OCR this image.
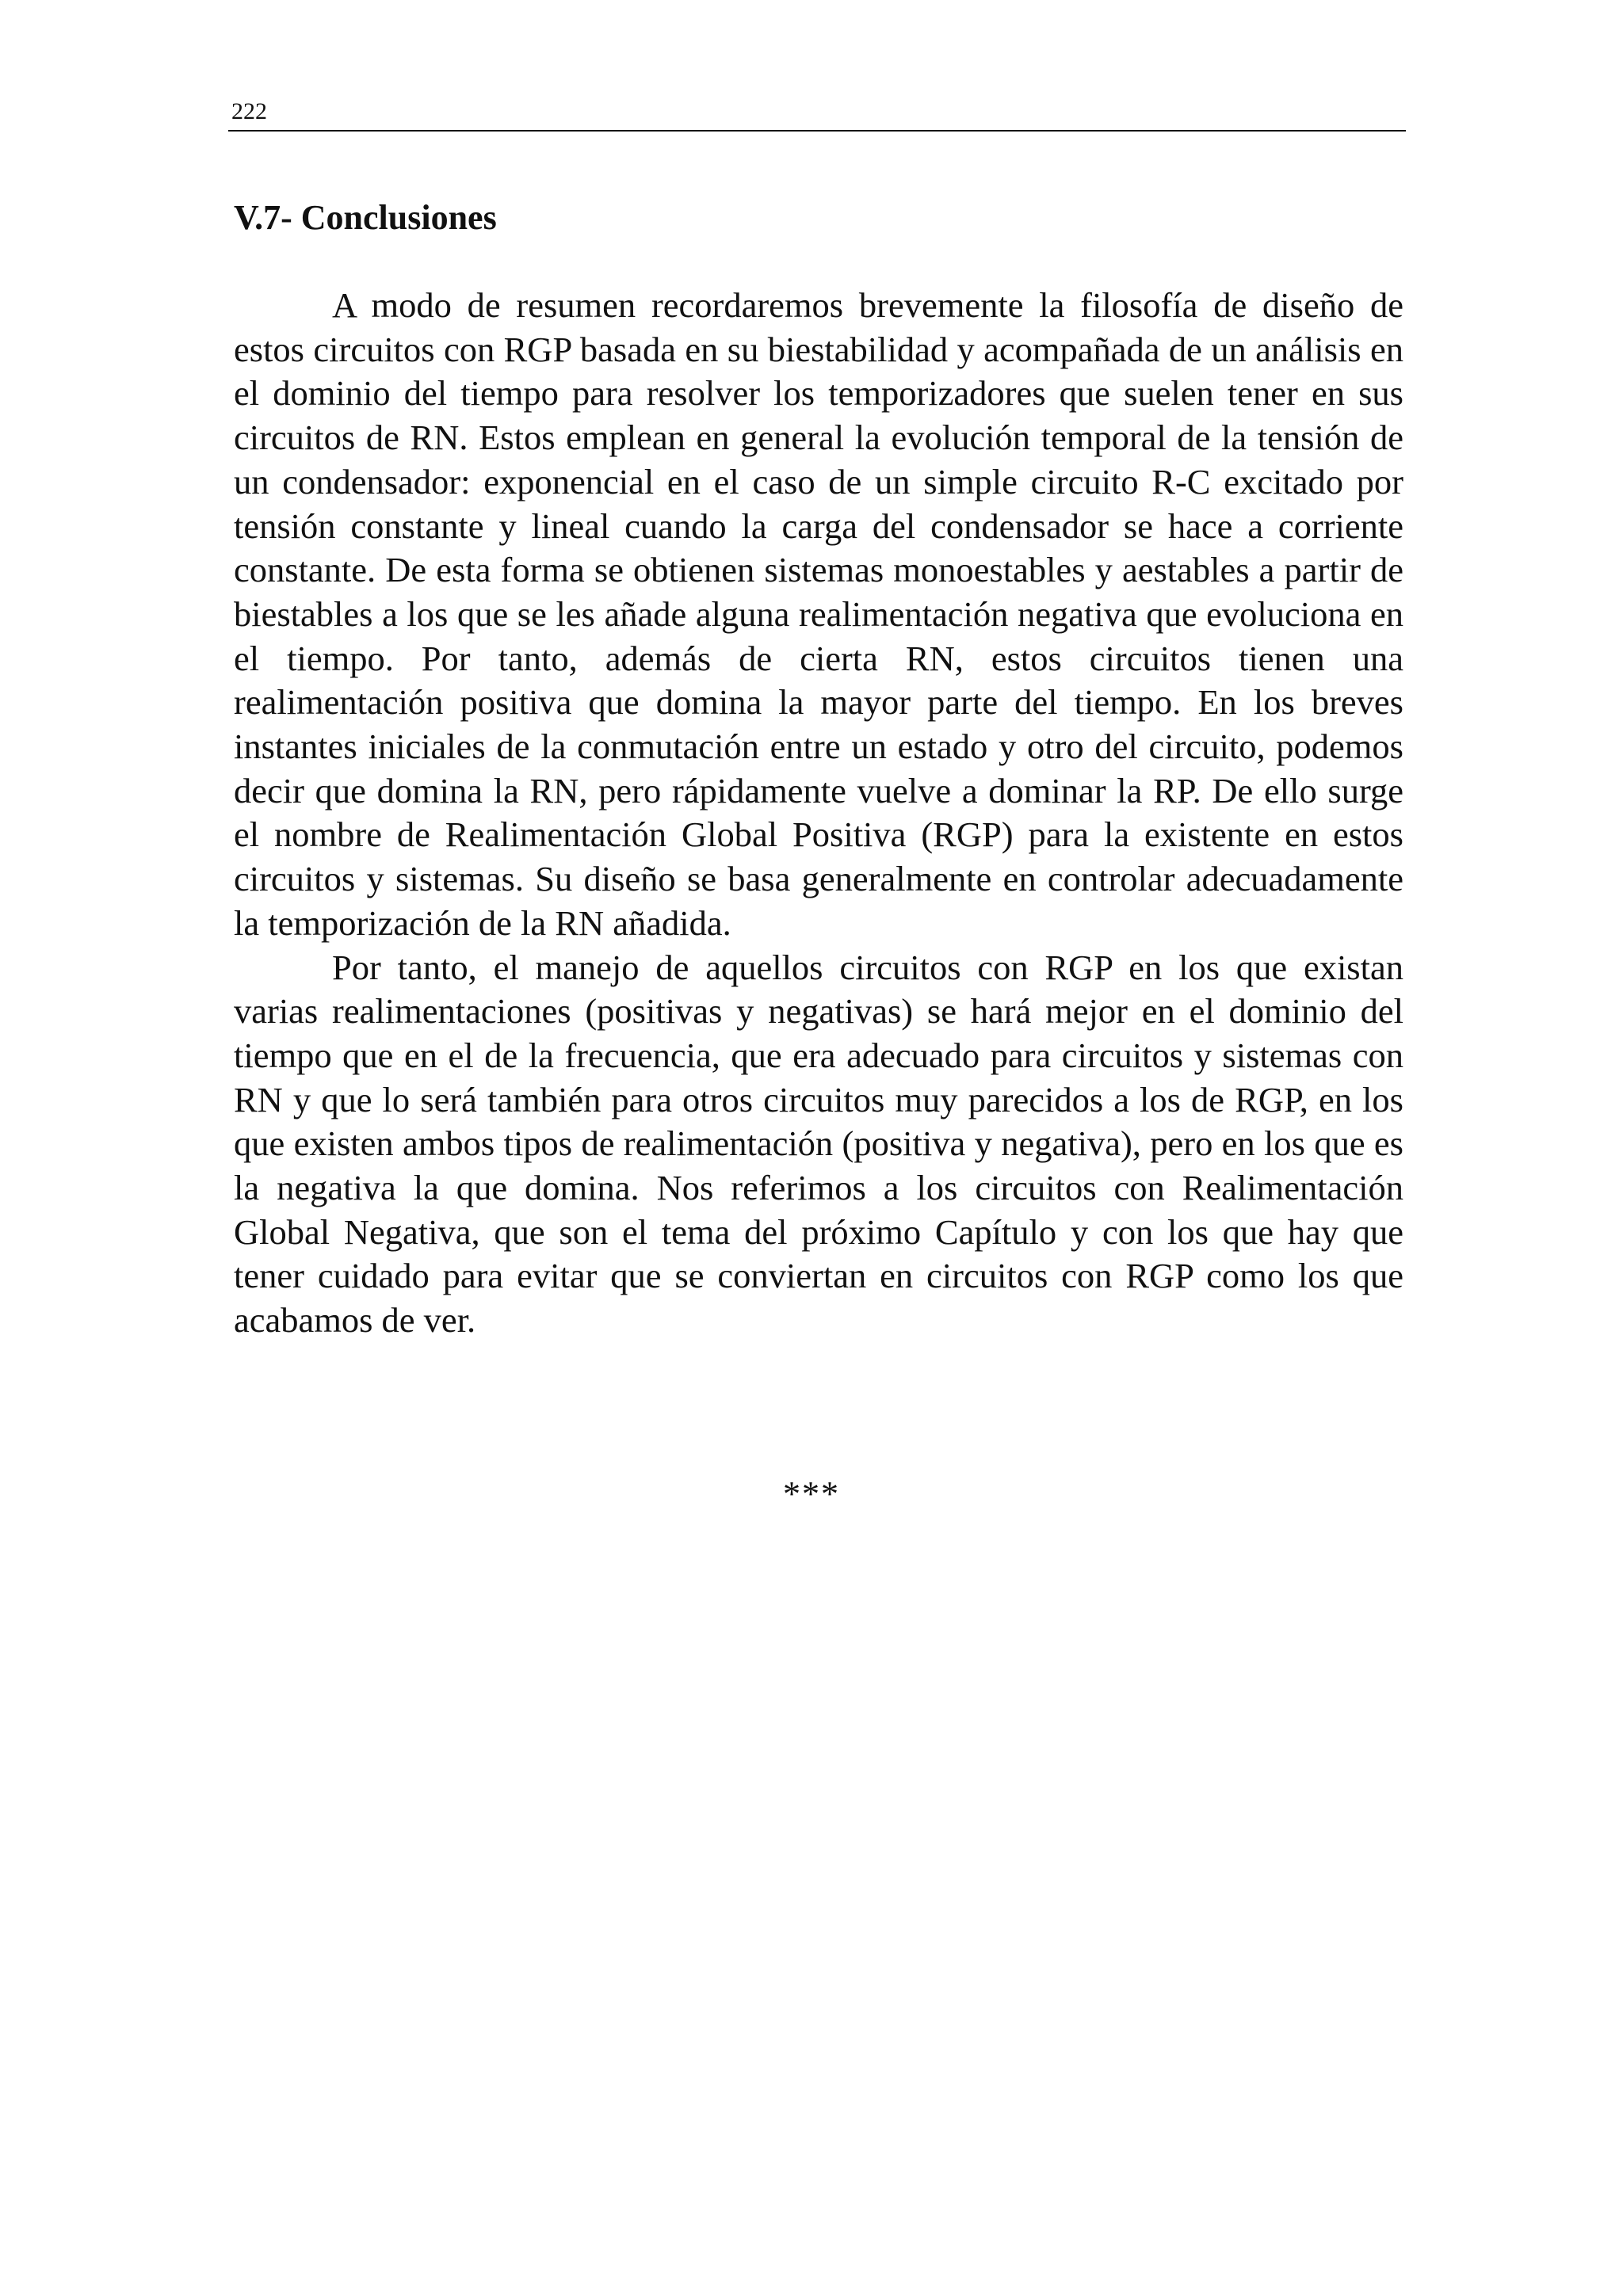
222
V.7- Conclusiones

A modo de resumen recordaremos brevemente la filosofía de diseño de estos circuitos con RGP basada en su biestabilidad y acompañada de un análisis en el dominio del tiempo para resolver los temporizadores que suelen tener en sus circuitos de RN. Estos emplean en general la evolución temporal de la tensión de un condensador: exponencial en el caso de un simple circuito R-C excitado por tensión constante y lineal cuando la carga del condensador se hace a corriente constante. De esta forma se obtienen sistemas monoestables y aestables a partir de biestables a los que se les añade alguna realimentación negativa que evoluciona en el tiempo. Por tanto, además de cierta RN, estos circuitos tienen una realimentación positiva que domina la mayor parte del tiempo. En los breves instantes iniciales de la conmutación entre un estado y otro del circuito, podemos decir que domina la RN, pero rápidamente vuelve a dominar la RP. De ello surge el nombre de Realimentación Global Positiva (RGP) para la existente en estos circuitos y sistemas. Su diseño se basa generalmente en controlar adecuadamente la temporización de la RN añadida.

Por tanto, el manejo de aquellos circuitos con RGP en los que existan varias realimentaciones (positivas y negativas) se hará mejor en el dominio del tiempo que en el de la frecuencia, que era adecuado para circuitos y sistemas con RN y que lo será también para otros circuitos muy parecidos a los de RGP, en los que existen ambos tipos de realimentación (positiva y negativa), pero en los que es la negativa la que domina. Nos referimos a los circuitos con Realimentación Global Negativa, que son el tema del próximo Capítulo y con los que hay que tener cuidado para evitar que se conviertan en circuitos con RGP como los que acabamos de ver.

***
